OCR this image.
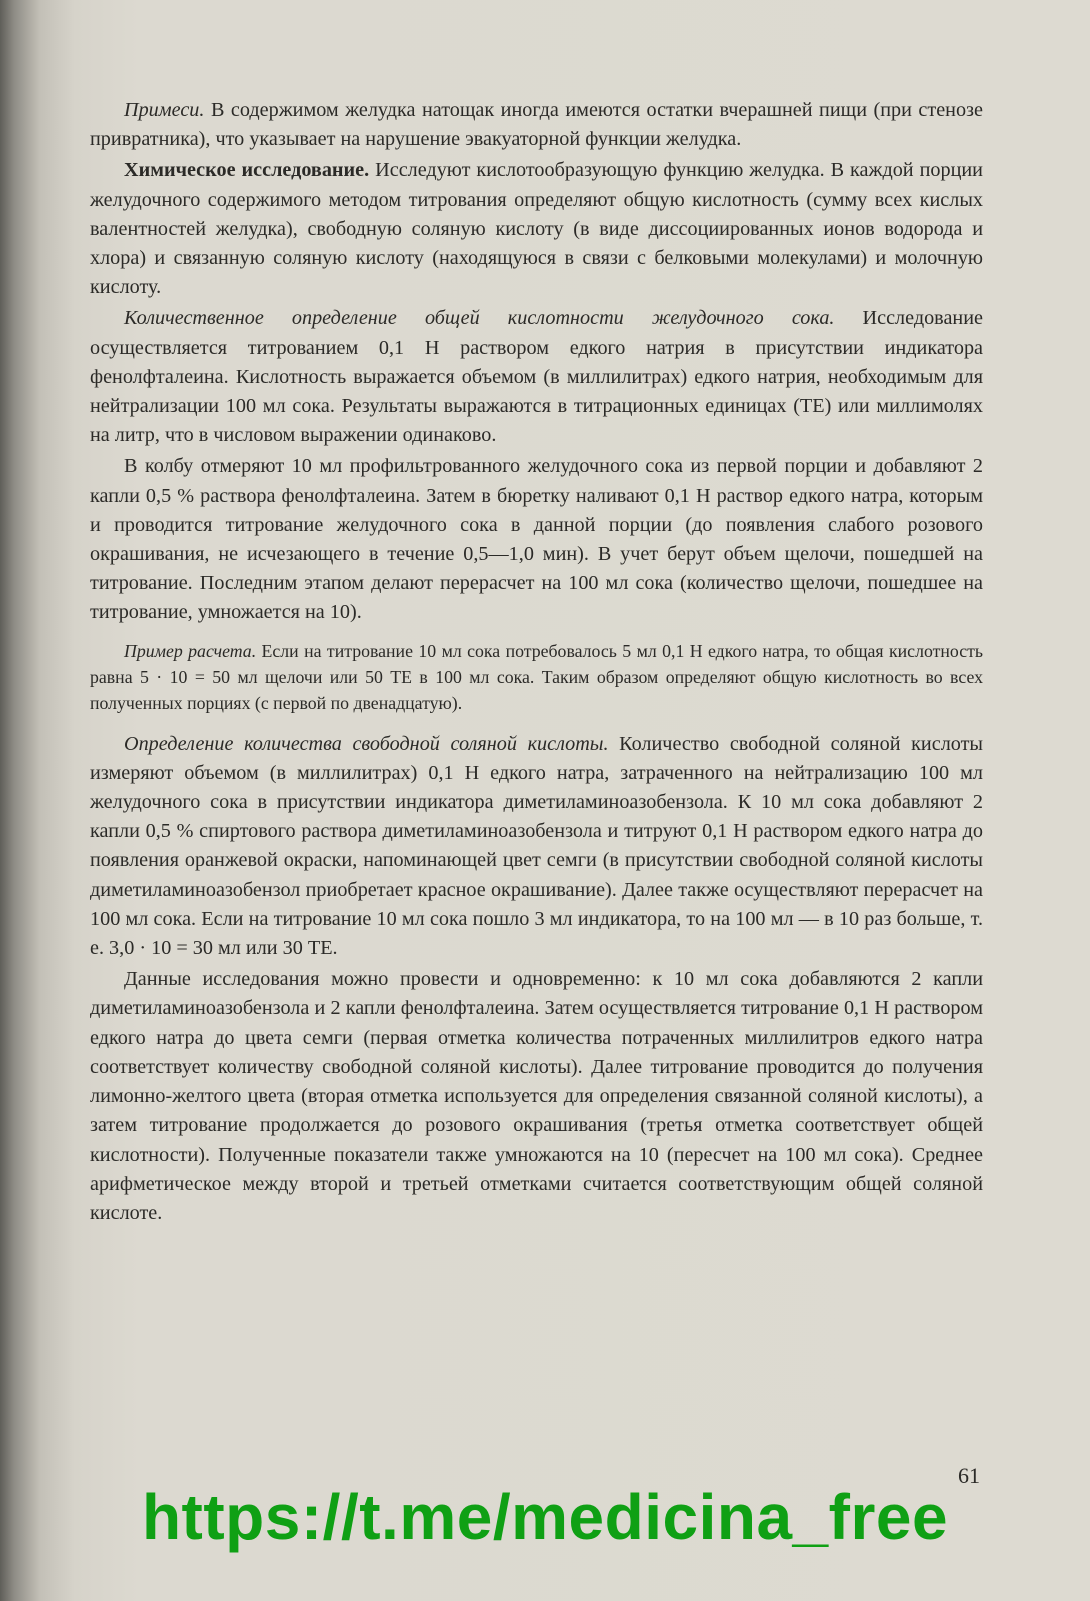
Примеси. В содержимом желудка натощак иногда имеются остатки вчерашней пищи (при стенозе привратника), что указывает на нарушение эвакуаторной функции желудка.

Химическое исследование. Исследуют кислотообразующую функцию желудка. В каждой порции желудочного содержимого методом титрования определяют общую кислотность (сумму всех кислых валентностей желудка), свободную соляную кислоту (в виде диссоциированных ионов водорода и хлора) и связанную соляную кислоту (находящуюся в связи с белковыми молекулами) и молочную кислоту.

Количественное определение общей кислотности желудочного сока. Исследование осуществляется титрованием 0,1 Н раствором едкого натрия в присутствии индикатора фенолфталеина. Кислотность выражается объемом (в миллилитрах) едкого натрия, необходимым для нейтрализации 100 мл сока. Результаты выражаются в титрационных единицах (ТЕ) или миллимолях на литр, что в числовом выражении одинаково.

В колбу отмеряют 10 мл профильтрованного желудочного сока из первой порции и добавляют 2 капли 0,5 % раствора фенолфталеина. Затем в бюретку наливают 0,1 Н раствор едкого натра, которым и проводится титрование желудочного сока в данной порции (до появления слабого розового окрашивания, не исчезающего в течение 0,5—1,0 мин). В учет берут объем щелочи, пошедшей на титрование. Последним этапом делают перерасчет на 100 мл сока (количество щелочи, пошедшее на титрование, умножается на 10).

Пример расчета. Если на титрование 10 мл сока потребовалось 5 мл 0,1 Н едкого натра, то общая кислотность равна 5 · 10 = 50 мл щелочи или 50 ТЕ в 100 мл сока. Таким образом определяют общую кислотность во всех полученных порциях (с первой по двенадцатую).

Определение количества свободной соляной кислоты. Количество свободной соляной кислоты измеряют объемом (в миллилитрах) 0,1 Н едкого натра, затраченного на нейтрализацию 100 мл желудочного сока в присутствии индикатора диметиламиноазобензола. К 10 мл сока добавляют 2 капли 0,5 % спиртового раствора диметиламиноазобензола и титруют 0,1 Н раствором едкого натра до появления оранжевой окраски, напоминающей цвет семги (в присутствии свободной соляной кислоты диметиламиноазобензол приобретает красное окрашивание). Далее также осуществляют перерасчет на 100 мл сока. Если на титрование 10 мл сока пошло 3 мл индикатора, то на 100 мл — в 10 раз больше, т. е. 3,0 · 10 = 30 мл или 30 ТЕ.

Данные исследования можно провести и одновременно: к 10 мл сока добавляются 2 капли диметиламиноазобензола и 2 капли фенолфталеина. Затем осуществляется титрование 0,1 Н раствором едкого натра до цвета семги (первая отметка количества потраченных миллилитров едкого натра соответствует количеству свободной соляной кислоты). Далее титрование проводится до получения лимонно-желтого цвета (вторая отметка используется для определения связанной соляной кислоты), а затем титрование продолжается до розового окрашивания (третья отметка соответствует общей кислотности). Полученные показатели также умножаются на 10 (пересчет на 100 мл сока). Среднее арифметическое между второй и третьей отметками считается соответствующим общей соляной кислоте.

61
https://t.me/medicina_free
